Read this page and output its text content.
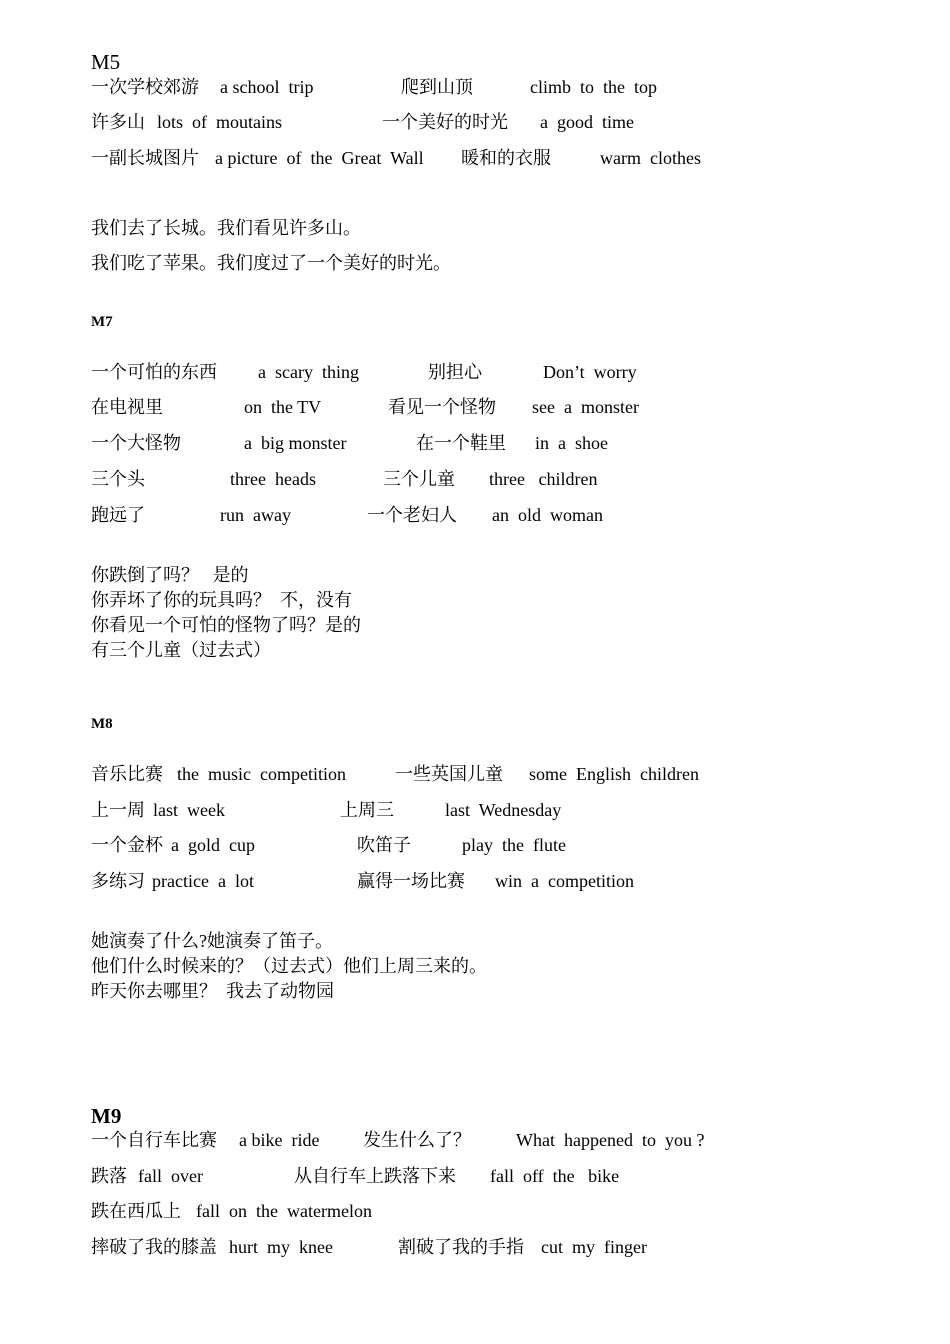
M5
一次学校郊游 a school  trip	爬到山顶	climb  to  the  top
许多山 lots  of  moutains	一个美好的时光 a  good  time
一副长城图片 a picture  of  the  Great  Wall 暖和的衣服	warm  clothes
我们去了长城。我们看见许多山。
我们吃了苹果。我们度过了一个美好的时光。
M7
一个可怕的东西 a  scary  thing	别担心	Don’t  worry
在电视里	on  the TV	看见一个怪物 see  a  monster
一个大怪物	a  big monster	在一个鞋里 in  a  shoe
三个头	three  heads	三个儿童 three   children
跑远了	run  away	一个老妇人 an  old  woman
你跌倒了吗？   是的
你弄坏了你的玩具吗？  不，没有
你看见一个可怕的怪物了吗？是的
有三个儿童（过去式）
M8
音乐比赛 the  music  competition	一些英国儿童 some  English  children
上一周 last  week	上周三	last  Wednesday
一个金杯 a  gold  cup	吹笛子	play  the  flute
多练习 practice  a  lot	赢得一场比赛 win  a  competition
她演奏了什么?她演奏了笛子。
他们什么时候来的？（过去式）他们上周三来的。
昨天你去哪里？  我去了动物园
M9
一个自行车比赛 a bike  ride 发生什么了？	What  happened  to  you ?
跌落 fall  over	从自行车上跌落下来 fall  off  the   bike
跌在西瓜上 fall  on  the  watermelon
摔破了我的膝盖 hurt  my  knee	割破了我的手指 cut  my  finger
